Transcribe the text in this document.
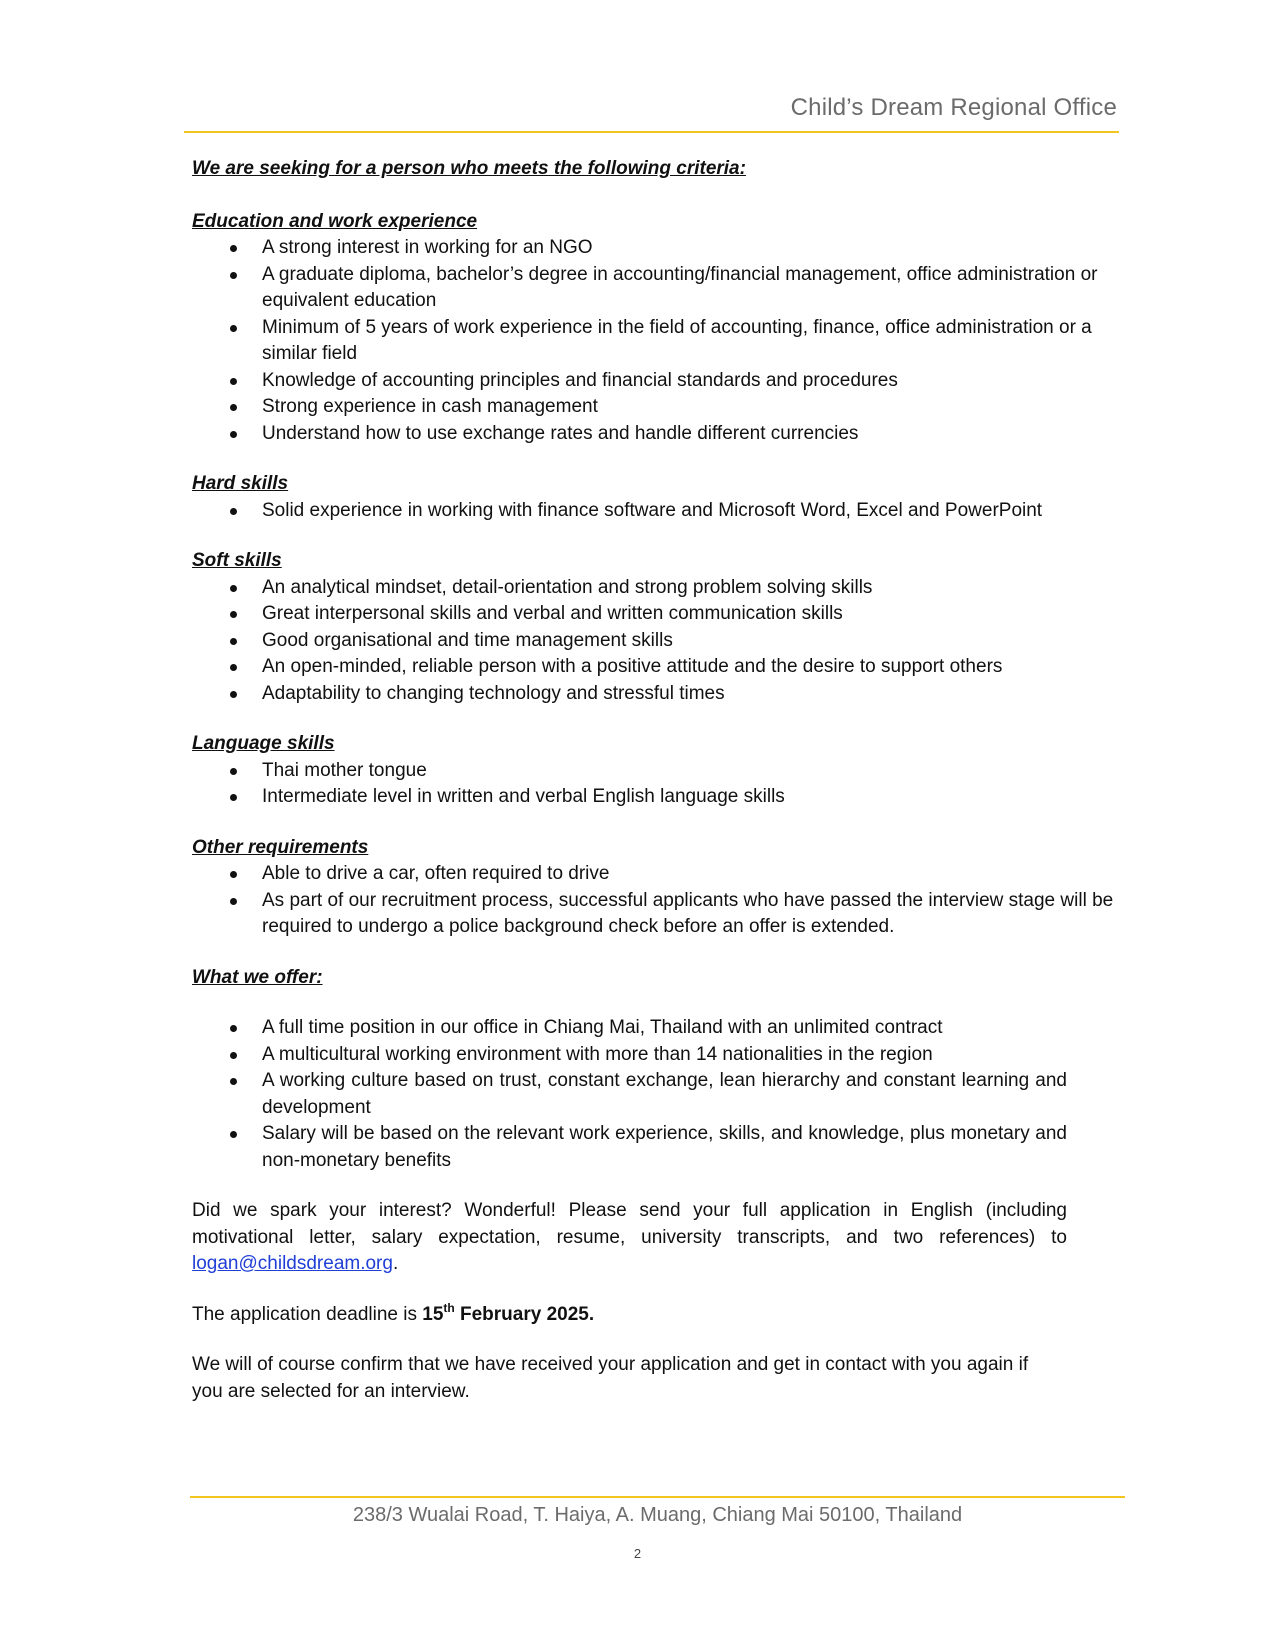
Child’s Dream Regional Office

We are seeking for a person who meets the following criteria:

Education and work experience

A strong interest in working for an NGO
A graduate diploma, bachelor’s degree in accounting/financial management, office administration or equivalent education
Minimum of 5 years of work experience in the field of accounting, finance, office administration or a similar field
Knowledge of accounting principles and financial standards and procedures
Strong experience in cash management
Understand how to use exchange rates and handle different currencies

Hard skills

Solid experience in working with finance software and Microsoft Word, Excel and PowerPoint

Soft skills

An analytical mindset, detail-orientation and strong problem solving skills
Great interpersonal skills and verbal and written communication skills
Good organisational and time management skills
An open-minded, reliable person with a positive attitude and the desire to support others
Adaptability to changing technology and stressful times

Language skills

Thai mother tongue
Intermediate level in written and verbal English language skills

Other requirements

Able to drive a car, often required to drive
As part of our recruitment process, successful applicants who have passed the interview stage will be required to undergo a police background check before an offer is extended.

What we offer:

A full time position in our office in Chiang Mai, Thailand with an unlimited contract
A multicultural working environment with more than 14 nationalities in the region
A working culture based on trust, constant exchange, lean hierarchy and constant learning and development
Salary will be based on the relevant work experience, skills, and knowledge, plus monetary and non-monetary benefits

Did we spark your interest? Wonderful! Please send your full application in English (including motivational letter, salary expectation, resume, university transcripts, and two references) to logan@childsdream.org.

The application deadline is 15th February 2025.

We will of course confirm that we have received your application and get in contact with you again if you are selected for an interview.

238/3 Wualai Road, T. Haiya, A. Muang, Chiang Mai 50100, Thailand
2
